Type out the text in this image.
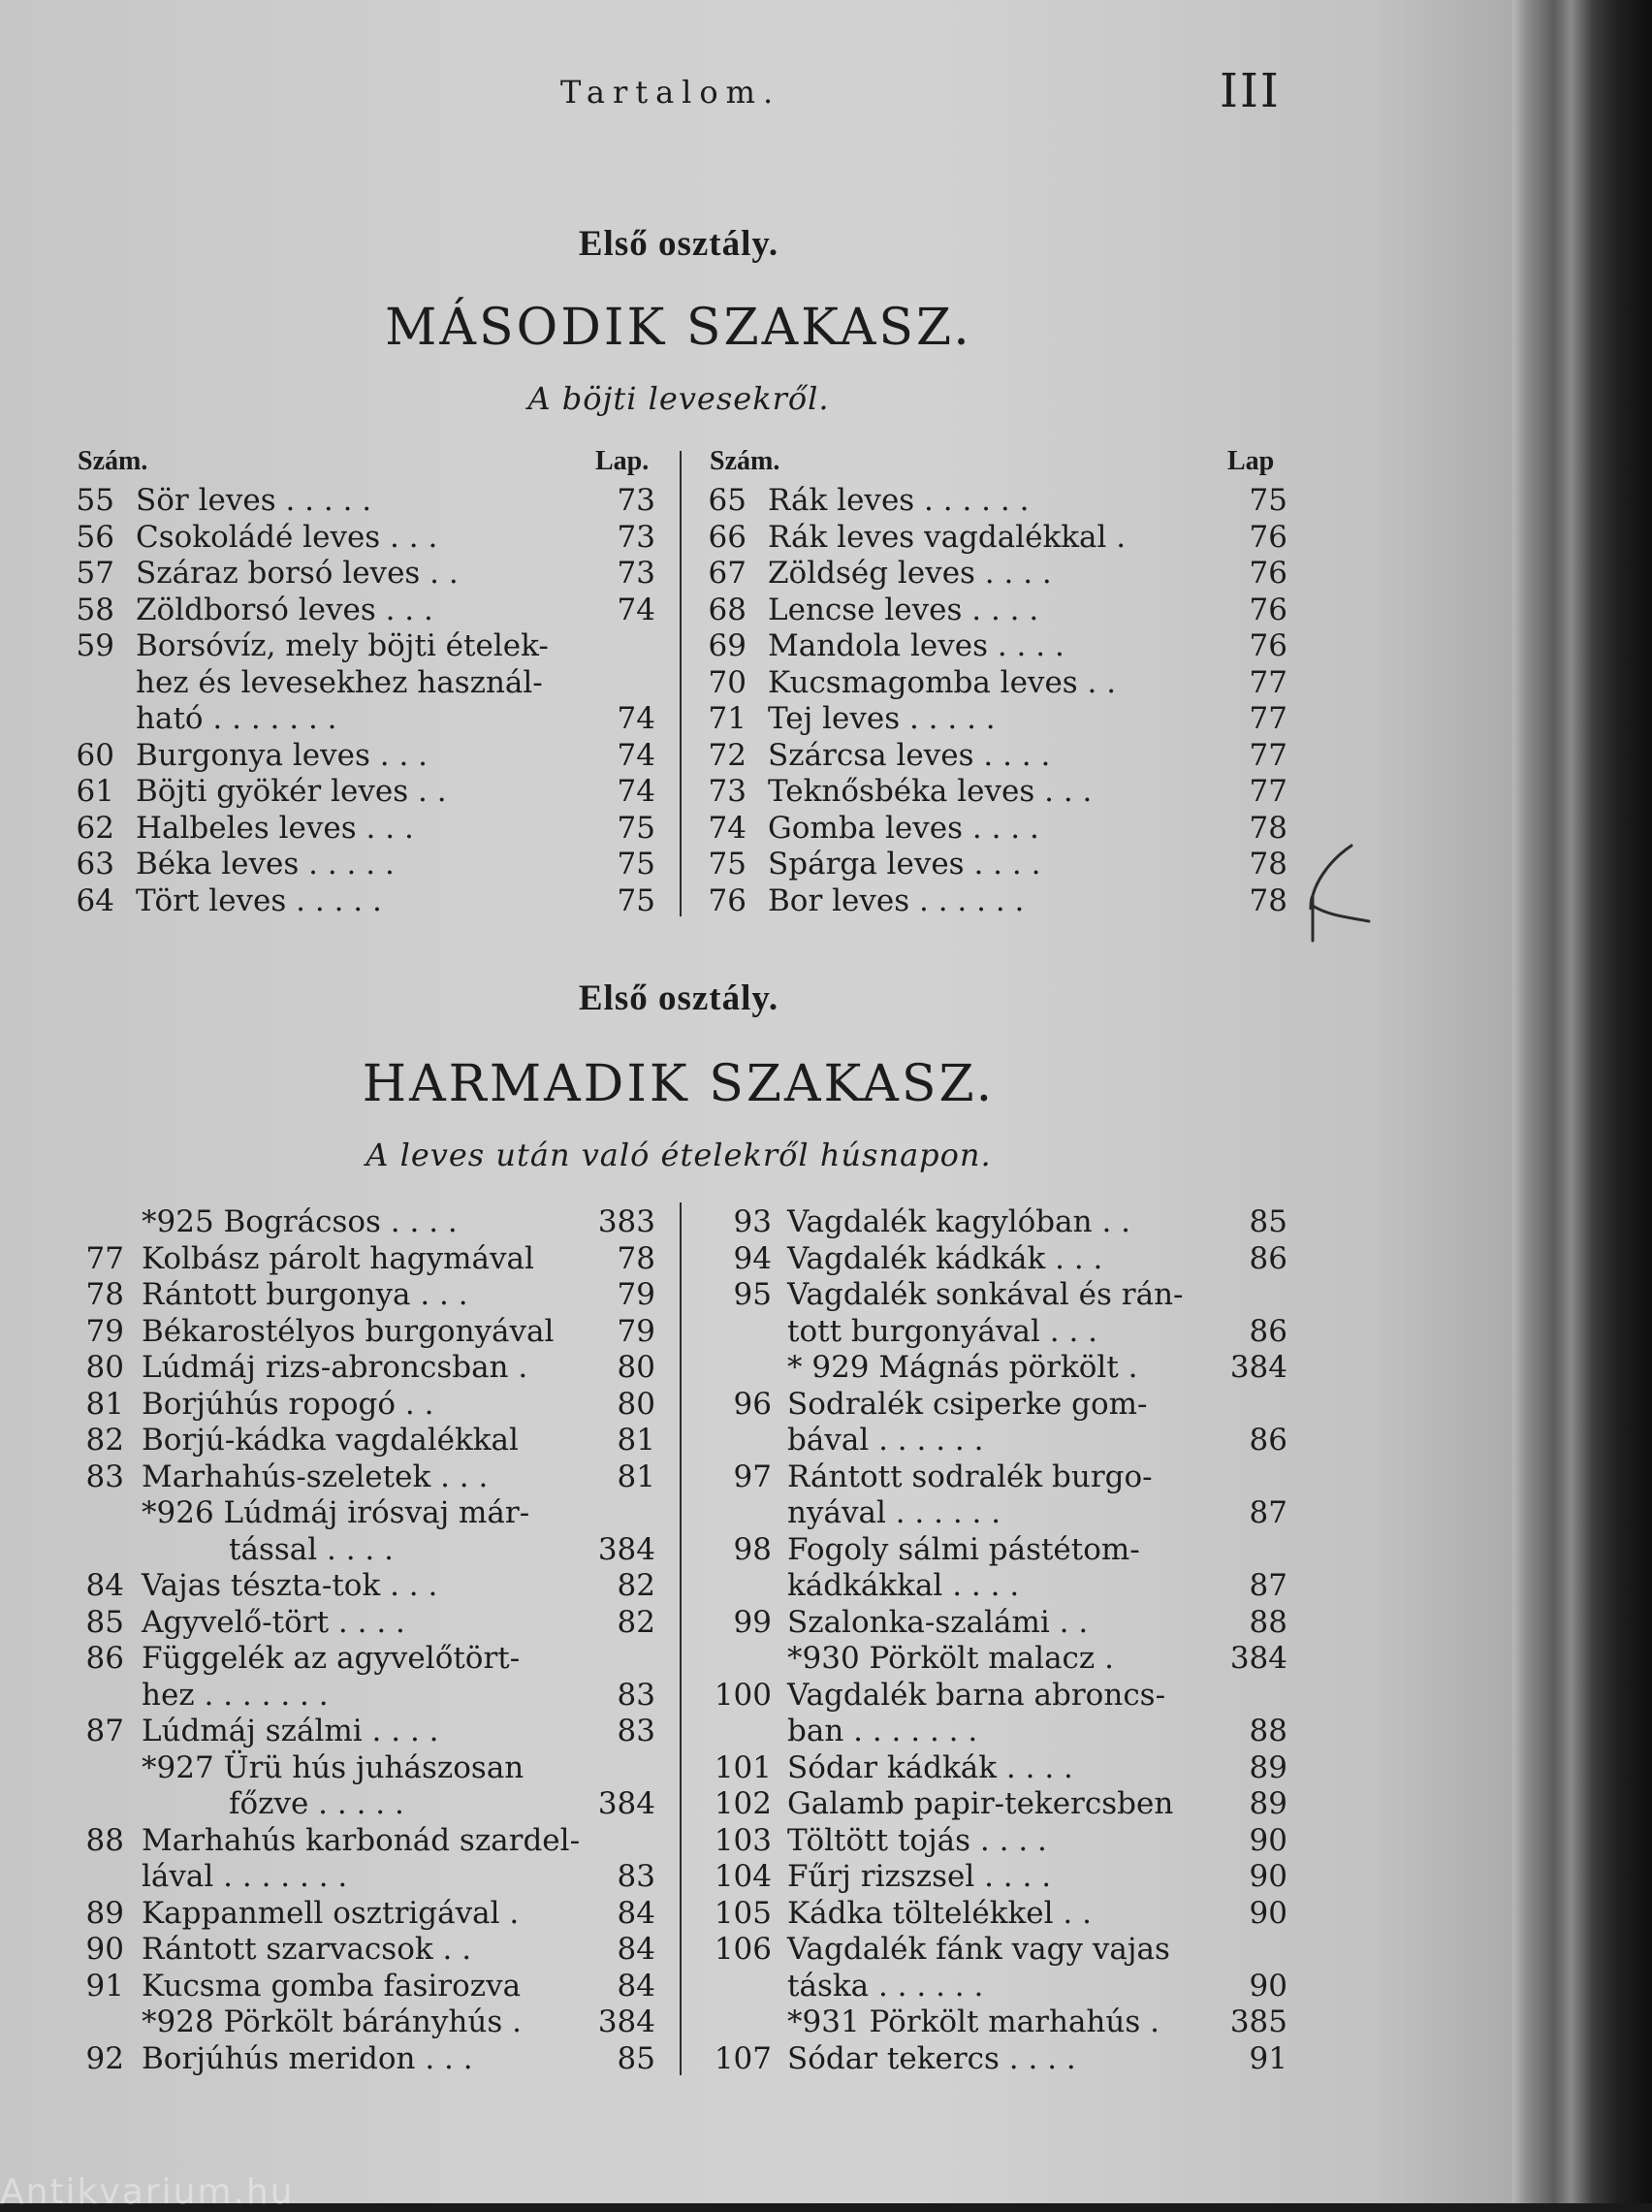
Tartalom.	III
Első osztály.
MÁSODIK SZAKASZ.
A böjti levesekről.
Szám.	Lap. Szám.	Lap
55 Sör leves . . . . .	73
56 Csokoládé leves . . .	73
57 Száraz borsó leves . .	73
58 Zöldborsó leves . . .	74
59 Borsóvíz, mely böjti ételek-
hez és levesekhez használ-
ható . . . . . . .	74
60 Burgonya leves . . .	74
61 Böjti gyökér leves . .	74
62 Halbeles leves . . .	75
63 Béka leves . . . . .	75
64 Tört leves . . . . .	75
65 Rák leves . . . . . .	75
66 Rák leves vagdalékkal .	76
67 Zöldség leves . . . .	76
68 Lencse leves . . . .	76
69 Mandola leves . . . .	76
70 Kucsmagomba leves . .	77
71 Tej leves . . . . .	77
72 Szárcsa leves . . . .	77
73 Teknősbéka leves . . .	77
74 Gomba leves . . . .	78
75 Spárga leves . . . .	78
76 Bor leves . . . . . .	78
Első osztály.
HARMADIK SZAKASZ.
A leves után való ételekről húsnapon.
*925 Bográcsos . . . .	383
77 Kolbász párolt hagymával	78
78 Rántott burgonya . . .	79
79 Békarostélyos burgonyával	79
80 Lúdmáj rizs-abroncsban .	80
81 Borjúhús ropogó . .	80
82 Borjú-kádka vagdalékkal	81
83 Marhahús-szeletek . . .	81
*926 Lúdmáj irósvaj már-
tással . . . .	384
84 Vajas tészta-tok . . .	82
85 Agyvelő-tört . . . .	82
86 Függelék az agyvelőtört-
hez . . . . . . .	83
87 Lúdmáj szálmi . . . .	83
*927 Ürü hús juhászosan
főzve . . . . .	384
88 Marhahús karbonád szardel-
lával . . . . . . .	83
89 Kappanmell osztrigával .	84
90 Rántott szarvacsok . .	84
91 Kucsma gomba fasirozva	84
*928 Pörkölt bárányhús .	384
92 Borjúhús meridon . . .	85
93 Vagdalék kagylóban . .	85
94 Vagdalék kádkák . . .	86
95 Vagdalék sonkával és rán-
tott burgonyával . . .	86
* 929 Mágnás pörkölt .	384
96 Sodralék csiperke gom-
bával . . . . . .	86
97 Rántott sodralék burgo-
nyával . . . . . .	87
98 Fogoly sálmi pástétom-
kádkákkal . . . .	87
99 Szalonka-szalámi . .	88
*930 Pörkölt malacz .	384
100 Vagdalék barna abroncs-
ban . . . . . . .	88
101 Sódar kádkák . . . .	89
102 Galamb papir-tekercsben	89
103 Töltött tojás . . . .	90
104 Fűrj rizszsel . . . .	90
105 Kádka töltelékkel . .	90
106 Vagdalék fánk vagy vajas
táska . . . . . .	90
*931 Pörkölt marhahús .	385
107 Sódar tekercs . . . .	91
Antikvarium.hu
